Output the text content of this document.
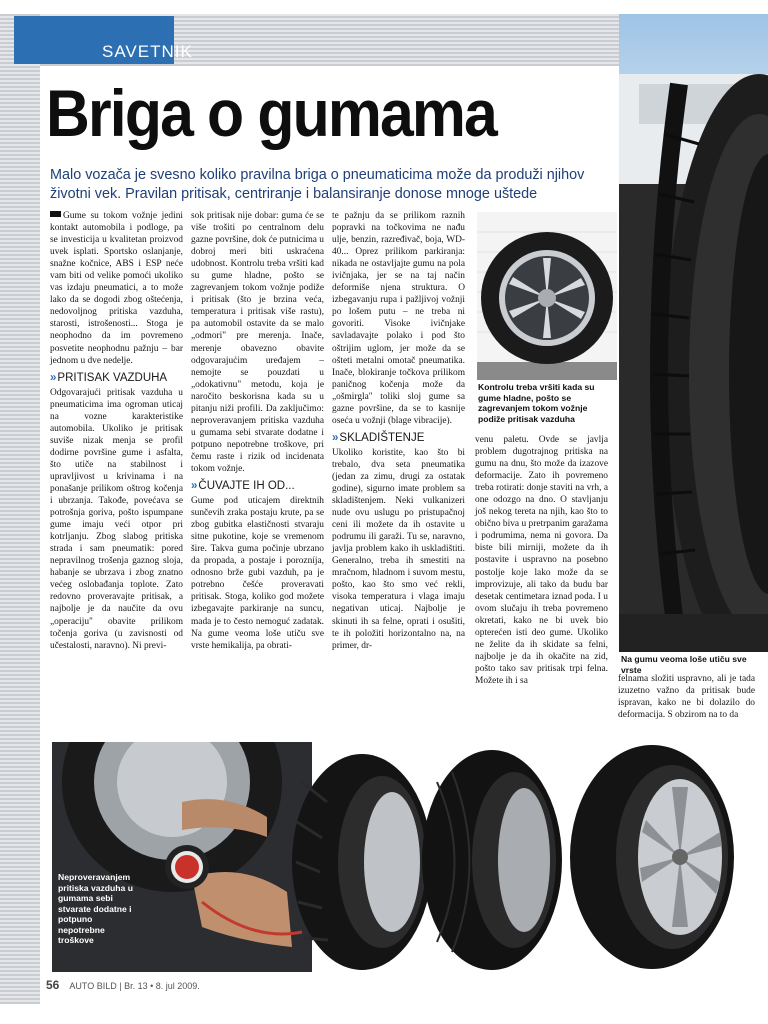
SAVETNIK
Briga o gumama

Malo vozača je svesno koliko pravilna briga o pneumaticima može da produži njihov životni vek. Pravilan pritisak, centriranje i balansiranje donose mnoge uštede

Gume su tokom vožnje jedini kontakt automobila i podloge, pa se investicija u kvalitetan proizvod uvek isplati. Sportsko oslanjanje, snažne kočnice, ABS i ESP neće vam biti od velike pomoći ukoliko vas izdaju pneumatici, a to može lako da se dogodi zbog oštećenja, nedovoljnog pritiska vazduha, starosti, istrošenosti... Stoga je neophodno da im povremeno posvetite neophodnu pažnju – bar jednom u dve nedelje.

» PRITISAK VAZDUHA

Odgovarajući pritisak vazduha u pneumaticima ima ogroman uticaj na vozne karakteristike automobila. Ukoliko je pritisak suviše nizak menja se profil dodirne površine gume i asfalta, što utiče na stabilnost i upravljivost u krivinama i na ponašanje prilikom oštrog kočenja i ubrzanja. Takođe, povećava se potrošnja goriva, pošto ispumpane gume imaju veći otpor pri kotrljanju. Zbog slabog pritiska strada i sam pneumatik: pored nepravilnog trošenja gaznog sloja, habanje se ubrzava i zbog znatno većeg oslobađanja toplote. Zato redovno proveravajte pritisak, a najbolje je da naučite da ovu „operaciju" obavite prilikom točenja goriva (u zavisnosti od učestalosti, naravno). Ni previ-

sok pritisak nije dobar: guma će se više trošiti po centralnom delu gazne površine, dok će putnicima u dobroj meri biti uskraćena udobnost. Kontrolu treba vršiti kad su gume hladne, pošto se zagrevanjem tokom vožnje podiže i pritisak (što je brzina veća, temperatura i pritisak više rastu), pa automobil ostavite da se malo „odmori" pre merenja. Inače, merenje obavezno obavite odgovarajućim uređajem – nemojte se pouzdati u „odokativnu" metodu, koja je naročito beskorisna kada su u pitanju niži profili. Da zaključimo: neproveravanjem pritiska vazduha u gumama sebi stvarate dodatne i potpuno nepotrebne troškove, pri čemu raste i rizik od incidenata tokom vožnje.

» ČUVAJTE IH OD...

Gume pod uticajem direktnih sunčevih zraka postaju krute, pa se zbog gubitka elastičnosti stvaraju sitne pukotine, koje se vremenom šire. Takva guma počinje ubrzano da propada, a postaje i porozníja, odnosno brže gubi vazduh, pa je potrebno češće proveravati pritisak. Stoga, koliko god možete izbegavajte parkiranje na suncu, mada je to često nemoguć zadatak. Na gume veoma loše utiču sve vrste hemikalija, pa obrati-

te pažnju da se prilikom raznih popravki na točkovima ne nađu ulje, benzin, razređivač, boja, WD-40... Oprez prilikom parkiranja: nikada ne ostavljajte gumu na pola ivičnjaka, jer se na taj način deformiše njena struktura. O izbegavanju rupa i pažljivoj vožnji po lošem putu – ne treba ni govoriti. Visoke ivičnjake savladavajte polako i pod što oštrijim uglom, jer može da se ošteti metalni omotač pneumatika. Inače, blokiranje točkova prilikom paničnog kočenja može da „ošmirgla" toliki sloj gume sa gazne površine, da se to kasnije oseća u vožnji (blage vibracije).

» SKLADIŠTENJE

Ukoliko koristite, kao što bi trebalo, dva seta pneumatika (jedan za zimu, drugi za ostatak godine), sigurno imate problem sa skladištenjem. Neki vulkanizeri nude ovu uslugu po pristupačnoj ceni ili možete da ih ostavite u podrumu ili garaži. Tu se, naravno, javlja problem kako ih uskladištiti. Generalno, treba ih smestiti na mračnom, hladnom i suvom mestu, pošto, kao što smo već rekli, visoka temperatura i vlaga imaju negativan uticaj. Najbolje je skinuti ih sa felne, oprati i osušiti, te ih položiti horizontalno na, na primer, dr-

venu paletu. Ovde se javlja problem dugotrajnog pritiska na gumu na dnu, što može da izazove deformacije. Zato ih povremeno treba rotirati: donje staviti na vrh, a one odozgo na dno. O stavljanju još nekog tereta na njih, kao što to obično biva u pretrpanim garažama i podrumima, nema ni govora. Da biste bili mirniji, možete da ih postavite i uspravno na posebno postolje koje lako može da se improvizuje, ali tako da budu bar desetak centimetara iznad poda. I u ovom slučaju ih treba povremeno okretati, kako ne bi uvek bio opterećen isti deo gume. Ukoliko ne želite da ih skidate sa felni, najbolje je da ih okačite na zid, pošto tako sav pritisak trpi felna. Možete ih i sa	felnama složiti uspravno, ali je tada izuzetno važno da pritisak bude ispravan, kako ne bi dolazilo do deformacija. S obzirom na to da

Na gumu veoma loše utiču sve vrste
Kontrolu treba vršiti kada su gume hladne, pošto se zagrevanjem tokom vožnje podiže pritisak vazduha
Neproveravanjem pritiska vazduha u gumama sebi stvarate dodatne i potpuno nepotrebne troškove
56 AUTO BILD | Br. 13 • 8. jul 2009.
